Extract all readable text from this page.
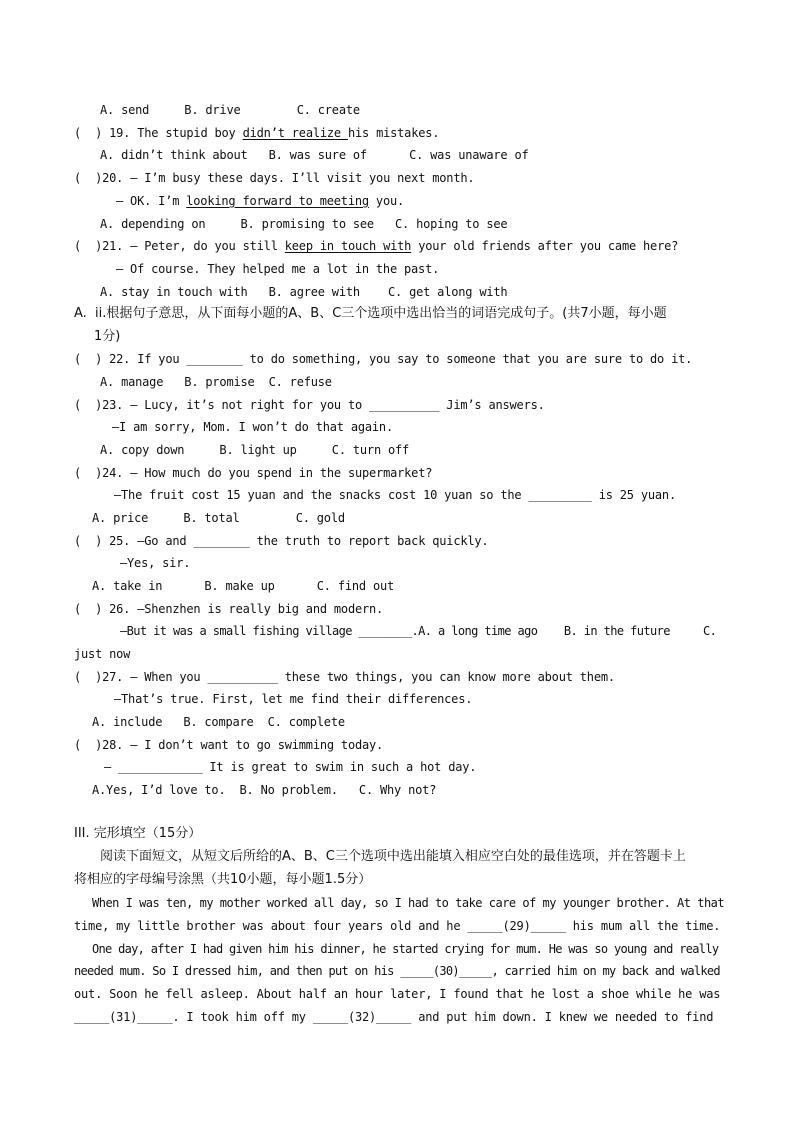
A. send     B. drive        C. create
(  ) 19. The stupid boy didn’t realize his mistakes.
A. didn’t think about   B. was sure of      C. was unaware of
(  )20. — I’m busy these days. I’ll visit you next month.
— OK. I’m looking forward to meeting you.
A. depending on     B. promising to see   C. hoping to see
(  )21. — Peter, do you still keep in touch with your old friends after you came here?
— Of course. They helped me a lot in the past.
A. stay in touch with   B. agree with    C. get along with
A.  ii.根据句子意思，从下面每小题的A、B、C三个选项中选出恰当的词语完成句子。(共7小题，每小题
1分)
(  ) 22. If you ________ to do something, you say to someone that you are sure to do it.
A. manage   B. promise  C. refuse
(  )23. — Lucy, it’s not right for you to __________ Jim’s answers.
—I am sorry, Mom. I won’t do that again.
A. copy down     B. light up     C. turn off
(  )24. — How much do you spend in the supermarket?
—The fruit cost 15 yuan and the snacks cost 10 yuan so the _________ is 25 yuan.
A. price     B. total        C. gold
(  ) 25. —Go and ________ the truth to report back quickly.
—Yes, sir.
A. take in      B. make up      C. find out
(  ) 26. —Shenzhen is really big and modern.
—But it was a small fishing village ________.A. a long time ago    B. in the future     C.
just now
(  )27. — When you __________ these two things, you can know more about them.
—That’s true. First, let me find their differences.
A. include   B. compare  C. complete
(  )28. — I don’t want to go swimming today.
— ____________ It is great to swim in such a hot day.
A.Yes, I’d love to.  B. No problem.   C. Why not?
III. 完形填空（15分）
阅读下面短文，从短文后所给的A、B、C三个选项中选出能填入相应空白处的最佳选项，并在答题卡上
将相应的字母编号涂黑（共10小题，每小题1.5分）
When I was ten, my mother worked all day, so I had to take care of my younger brother. At that
time, my little brother was about four years old and he _____(29)_____ his mum all the time.
One day, after I had given him his dinner, he started crying for mum. He was so young and really
needed mum. So I dressed him, and then put on his _____(30)_____, carried him on my back and walked
out. Soon he fell asleep. About half an hour later, I found that he lost a shoe while he was
_____(31)_____. I took him off my _____(32)_____ and put him down. I knew we needed to find
